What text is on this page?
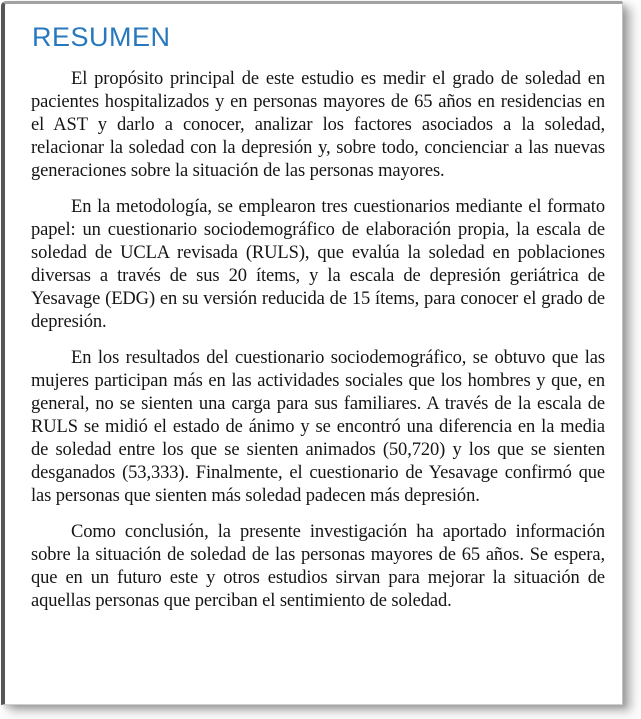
RESUMEN

El propósito principal de este estudio es medir el grado de soledad en pacientes hospitalizados y en personas mayores de 65 años en residencias en el AST y darlo a conocer, analizar los factores asociados a la soledad, relacionar la soledad con la depresión y, sobre todo, concienciar a las nuevas generaciones sobre la situación de las personas mayores.

En la metodología, se emplearon tres cuestionarios mediante el formato papel: un cuestionario sociodemográfico de elaboración propia, la escala de soledad de UCLA revisada (RULS), que evalúa la soledad en poblaciones diversas a través de sus 20 ítems, y la escala de depresión geriátrica de Yesavage (EDG) en su versión reducida de 15 ítems, para conocer el grado de depresión.

En los resultados del cuestionario sociodemográfico, se obtuvo que las mujeres participan más en las actividades sociales que los hombres y que, en general, no se sienten una carga para sus familiares. A través de la escala de RULS se midió el estado de ánimo y se encontró una diferencia en la media de soledad entre los que se sienten animados (50,720) y los que se sienten desganados (53,333). Finalmente, el cuestionario de Yesavage confirmó que las personas que sienten más soledad padecen más depresión.

Como conclusión, la presente investigación ha aportado información sobre la situación de soledad de las personas mayores de 65 años. Se espera, que en un futuro este y otros estudios sirvan para mejorar la situación de aquellas personas que perciban el sentimiento de soledad.
